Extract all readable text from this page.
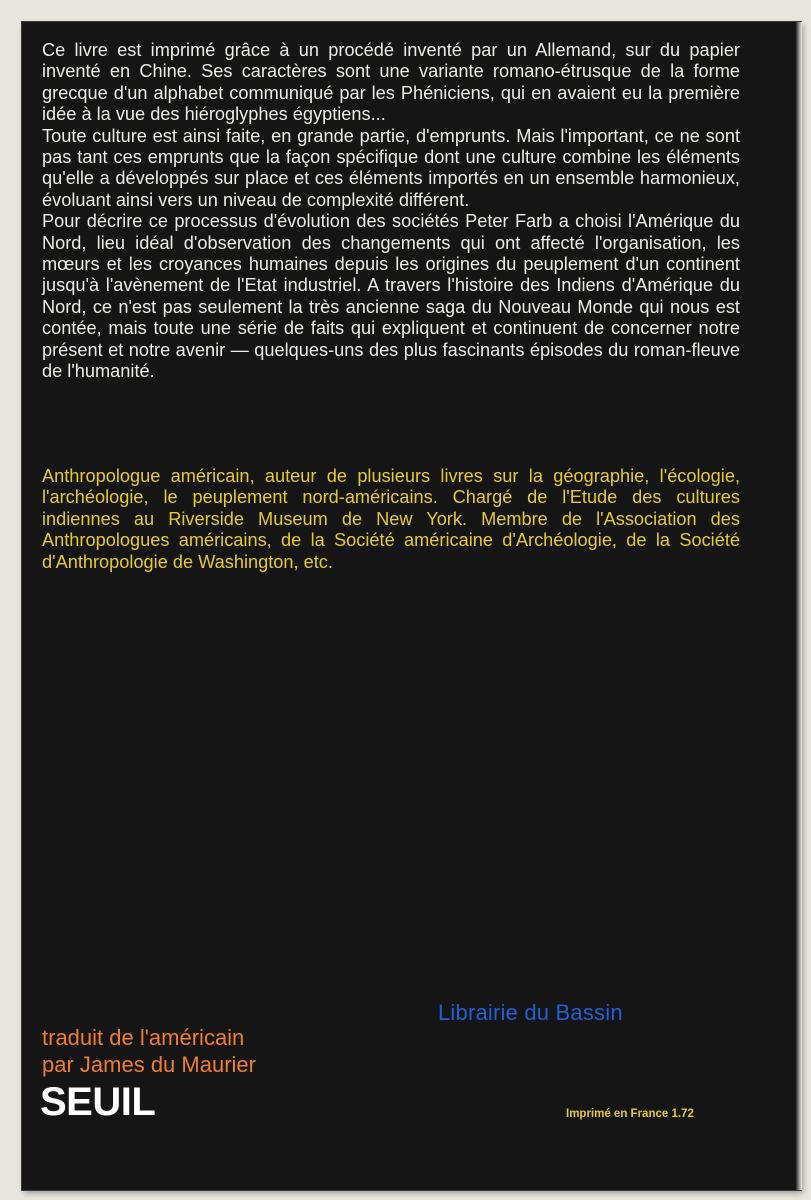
Ce livre est imprimé grâce à un procédé inventé par un Allemand, sur du papier inventé en Chine. Ses caractères sont une variante romano-étrusque de la forme grecque d'un alphabet communiqué par les Phéniciens, qui en avaient eu la première idée à la vue des hiéroglyphes égyptiens...

Toute culture est ainsi faite, en grande partie, d'emprunts. Mais l'important, ce ne sont pas tant ces emprunts que la façon spécifique dont une culture combine les éléments qu'elle a développés sur place et ces éléments importés en un ensemble harmonieux, évoluant ainsi vers un niveau de complexité différent.

Pour décrire ce processus d'évolution des sociétés Peter Farb a choisi l'Amérique du Nord, lieu idéal d'observation des changements qui ont affecté l'organisation, les mœurs et les croyances humaines depuis les origines du peuplement d'un continent jusqu'à l'avènement de l'Etat industriel. A travers l'histoire des Indiens d'Amérique du Nord, ce n'est pas seulement la très ancienne saga du Nouveau Monde qui nous est contée, mais toute une série de faits qui expliquent et continuent de concerner notre présent et notre avenir — quelques-uns des plus fascinants épisodes du roman-fleuve de l'humanité.

Anthropologue américain, auteur de plusieurs livres sur la géographie, l'écologie, l'archéologie, le peuplement nord-américains. Chargé de l'Etude des cultures indiennes au Riverside Museum de New York. Membre de l'Association des Anthropologues américains, de la Société américaine d'Archéologie, de la Société d'Anthropologie de Washington, etc.

Librairie du Bassin
traduit de l'américain
par James du Maurier
SEUIL	Imprimé en France 1.72
